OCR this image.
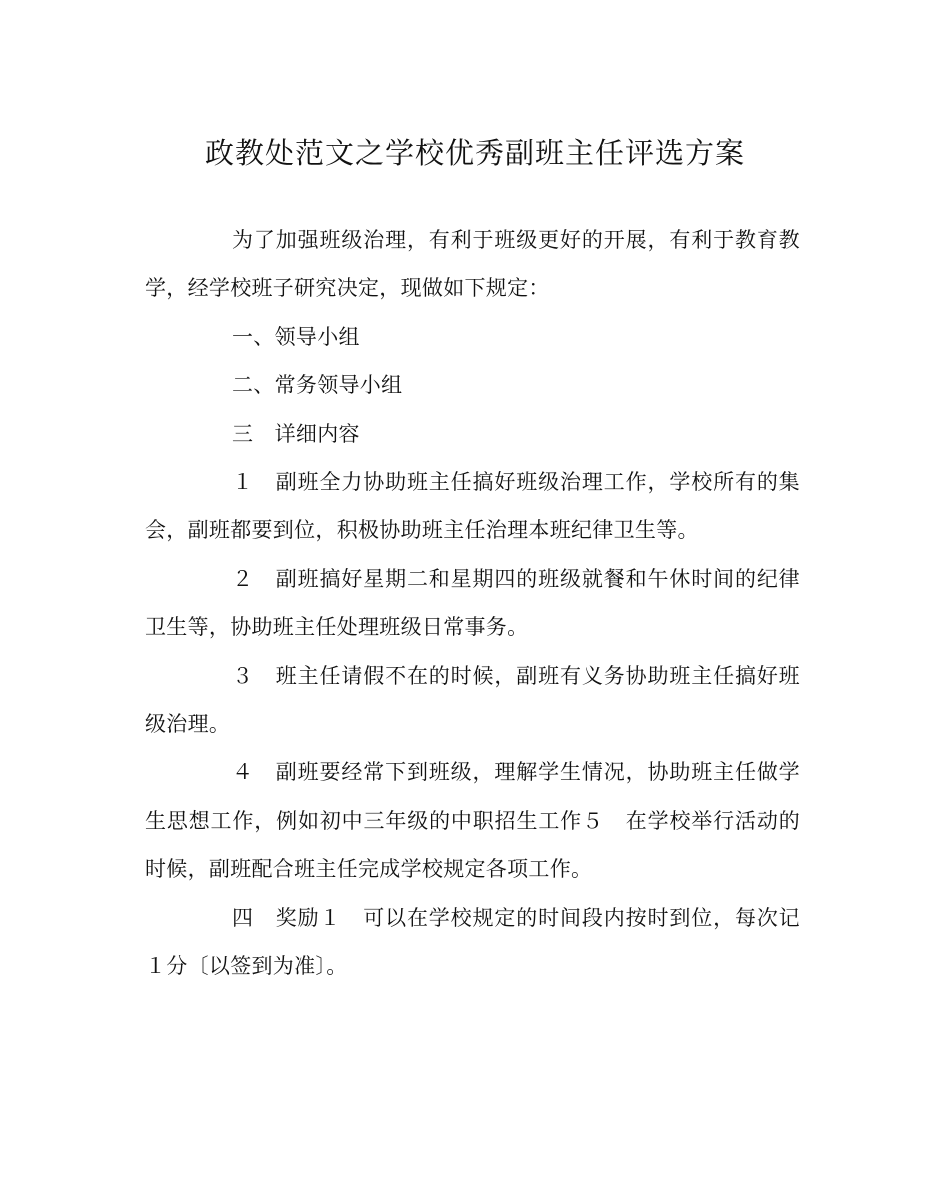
政教处范文之学校优秀副班主任评选方案

为了加强班级治理，有利于班级更好的开展，有利于教育教学，经学校班子研究决定，现做如下规定：

一、领导小组

二、常务领导小组

三　详细内容

１　副班全力协助班主任搞好班级治理工作，学校所有的集会，副班都要到位，积极协助班主任治理本班纪律卫生等。

２　副班搞好星期二和星期四的班级就餐和午休时间的纪律卫生等，协助班主任处理班级日常事务。

３　班主任请假不在的时候，副班有义务协助班主任搞好班级治理。

４　副班要经常下到班级，理解学生情况，协助班主任做学生思想工作，例如初中三年级的中职招生工作５　在学校举行活动的时候，副班配合班主任完成学校规定各项工作。

四　奖励１　可以在学校规定的时间段内按时到位，每次记１分〔以签到为准〕。
